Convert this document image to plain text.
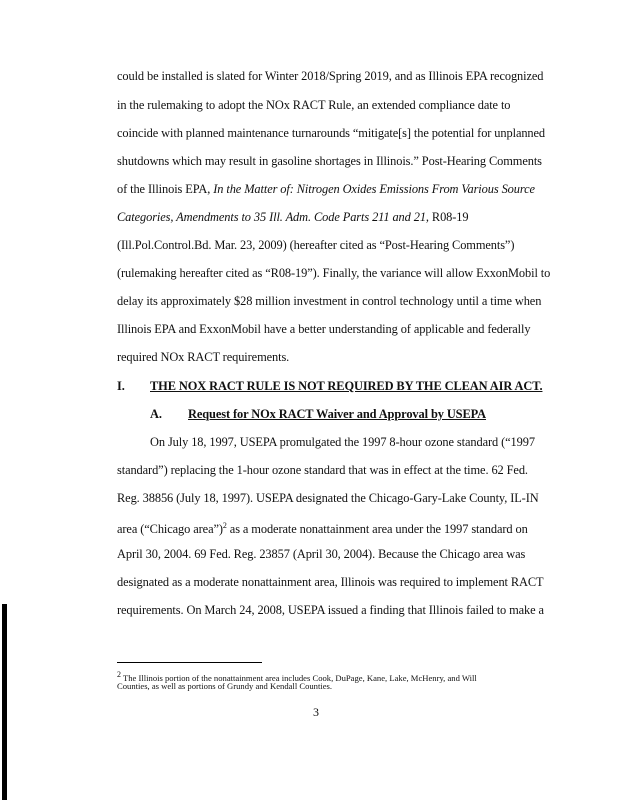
could be installed is slated for Winter 2018/Spring 2019, and as Illinois EPA recognized
in the rulemaking to adopt the NOx RACT Rule, an extended compliance date to
coincide with planned maintenance turnarounds “mitigate[s] the potential for unplanned
shutdowns which may result in gasoline shortages in Illinois.” Post-Hearing Comments
of the Illinois EPA, In the Matter of: Nitrogen Oxides Emissions From Various Source
Categories, Amendments to 35 Ill. Adm. Code Parts 211 and 21, R08-19
(Ill.Pol.Control.Bd. Mar. 23, 2009) (hereafter cited as “Post-Hearing Comments”)
(rulemaking hereafter cited as “R08-19”). Finally, the variance will allow ExxonMobil to
delay its approximately $28 million investment in control technology until a time when
Illinois EPA and ExxonMobil have a better understanding of applicable and federally
required NOx RACT requirements.
I. THE NOX RACT RULE IS NOT REQUIRED BY THE CLEAN AIR ACT.
A. Request for NOx RACT Waiver and Approval by USEPA
On July 18, 1997, USEPA promulgated the 1997 8-hour ozone standard (“1997
standard”) replacing the 1-hour ozone standard that was in effect at the time. 62 Fed.
Reg. 38856 (July 18, 1997). USEPA designated the Chicago-Gary-Lake County, IL-IN
area (“Chicago area”)$^2$ as a moderate nonattainment area under the 1997 standard on
April 30, 2004. 69 Fed. Reg. 23857 (April 30, 2004). Because the Chicago area was
designated as a moderate nonattainment area, Illinois was required to implement RACT
requirements. On March 24, 2008, USEPA issued a finding that Illinois failed to make a
2 The Illinois portion of the nonattainment area includes Cook, DuPage, Kane, Lake, McHenry, and Will
Counties, as well as portions of Grundy and Kendall Counties.
3
